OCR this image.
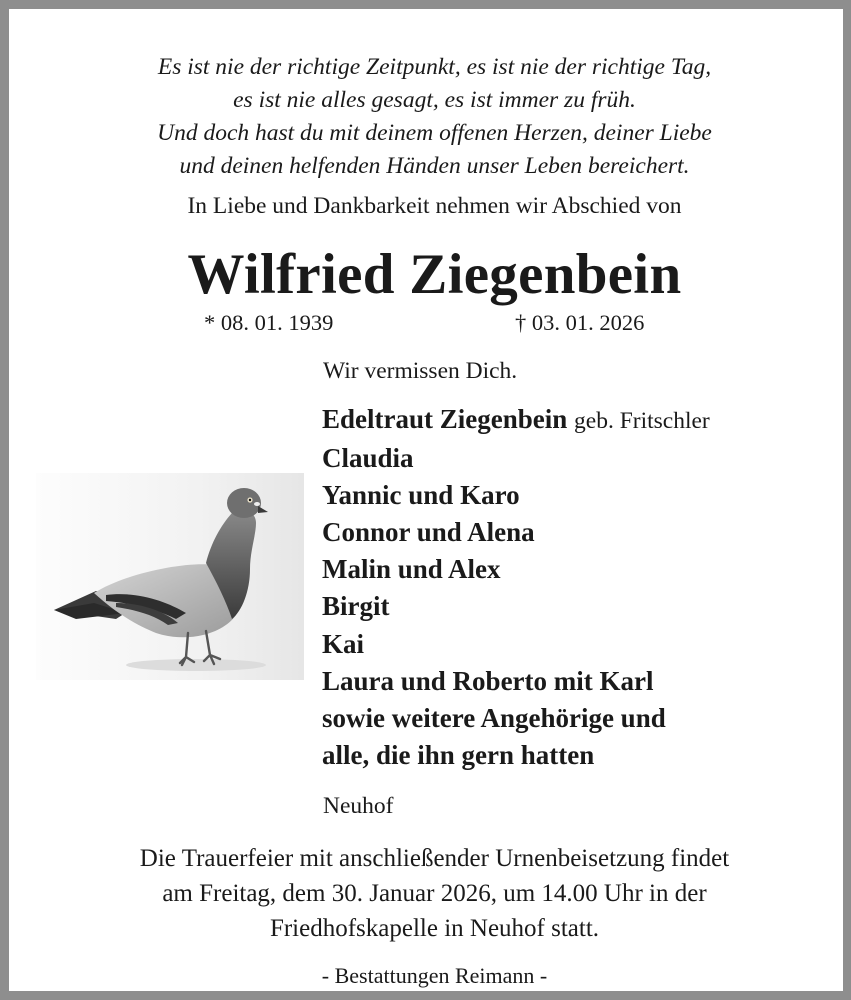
Es ist nie der richtige Zeitpunkt, es ist nie der richtige Tag,
es ist nie alles gesagt, es ist immer zu früh.
Und doch hast du mit deinem offenen Herzen, deiner Liebe
und deinen helfenden Händen unser Leben bereichert.
In Liebe und Dankbarkeit nehmen wir Abschied von
Wilfried Ziegenbein
* 08. 01. 1939	† 03. 01. 2026
Wir vermissen Dich.
Edeltraut Ziegenbein geb. Fritschler
Claudia
Yannic und Karo
Connor und Alena
Malin und Alex
Birgit
Kai
Laura und Roberto mit Karl
sowie weitere Angehörige und
alle, die ihn gern hatten
Neuhof
Die Trauerfeier mit anschließender Urnenbeisetzung findet
am Freitag, dem 30. Januar 2026, um 14.00 Uhr in der
Friedhofskapelle in Neuhof statt.
- Bestattungen Reimann -
